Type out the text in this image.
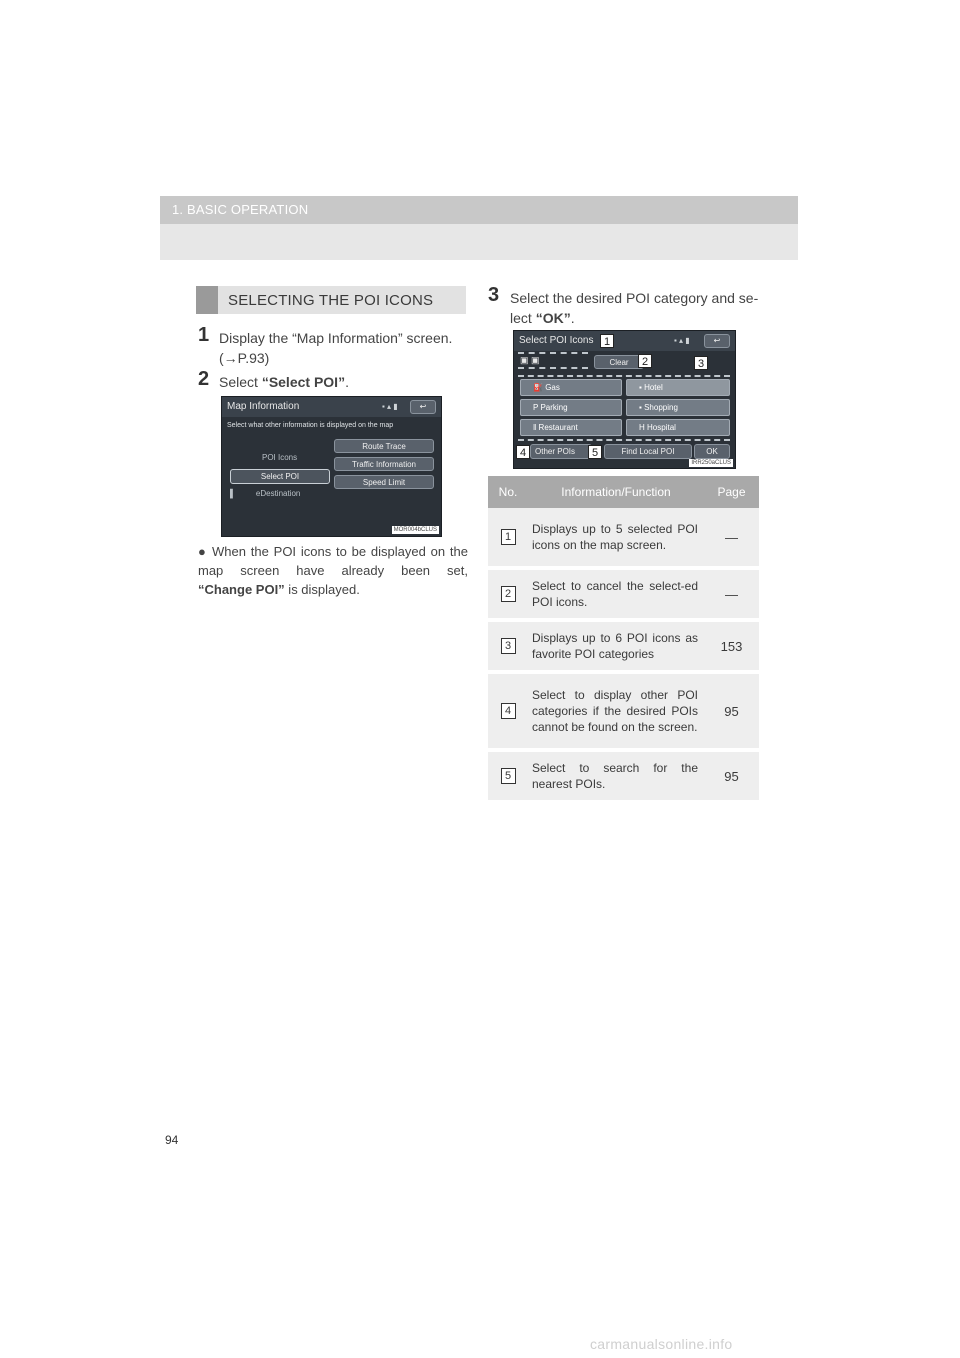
1. BASIC OPERATION
SELECTING THE POI ICONS
1 Display the “Map Information” screen.
(→P.93)
2 Select “Select POI”.
Map Information	▪ ▴ ▮	↩
Select what other information is displayed on the map
POI Icons
Select POI
▌	eDestination
Route Trace
Traffic Information
Speed Limit
MOR004bCLUS
● When the POI icons to be displayed on the
map screen have already been set,
“Change POI” is displayed.
3 Select the desired POI category and se-
lect “OK”.
Select POI Icons	▪ ▴ ▮	↩
▣ ▣	Clear
⛽ Gas	▪ Hotel
P Parking	▪ Shopping
‖ Restaurant	H Hospital
Other POIs	Find Local POI	OK
IRR250aCLUS
1
2	3
4	5
No.	Information/Function	Page
1	Displays up to 5 selected POI icons on the map screen.	—
2	Select to cancel the select-ed POI icons.	—
3	Displays up to 6 POI icons as favorite POI categories	153
4	Select to display other POI categories if the desired POIs cannot be found on the screen.	95
5	Select to search for the nearest POIs.	95
94
carmanualsonline.info
